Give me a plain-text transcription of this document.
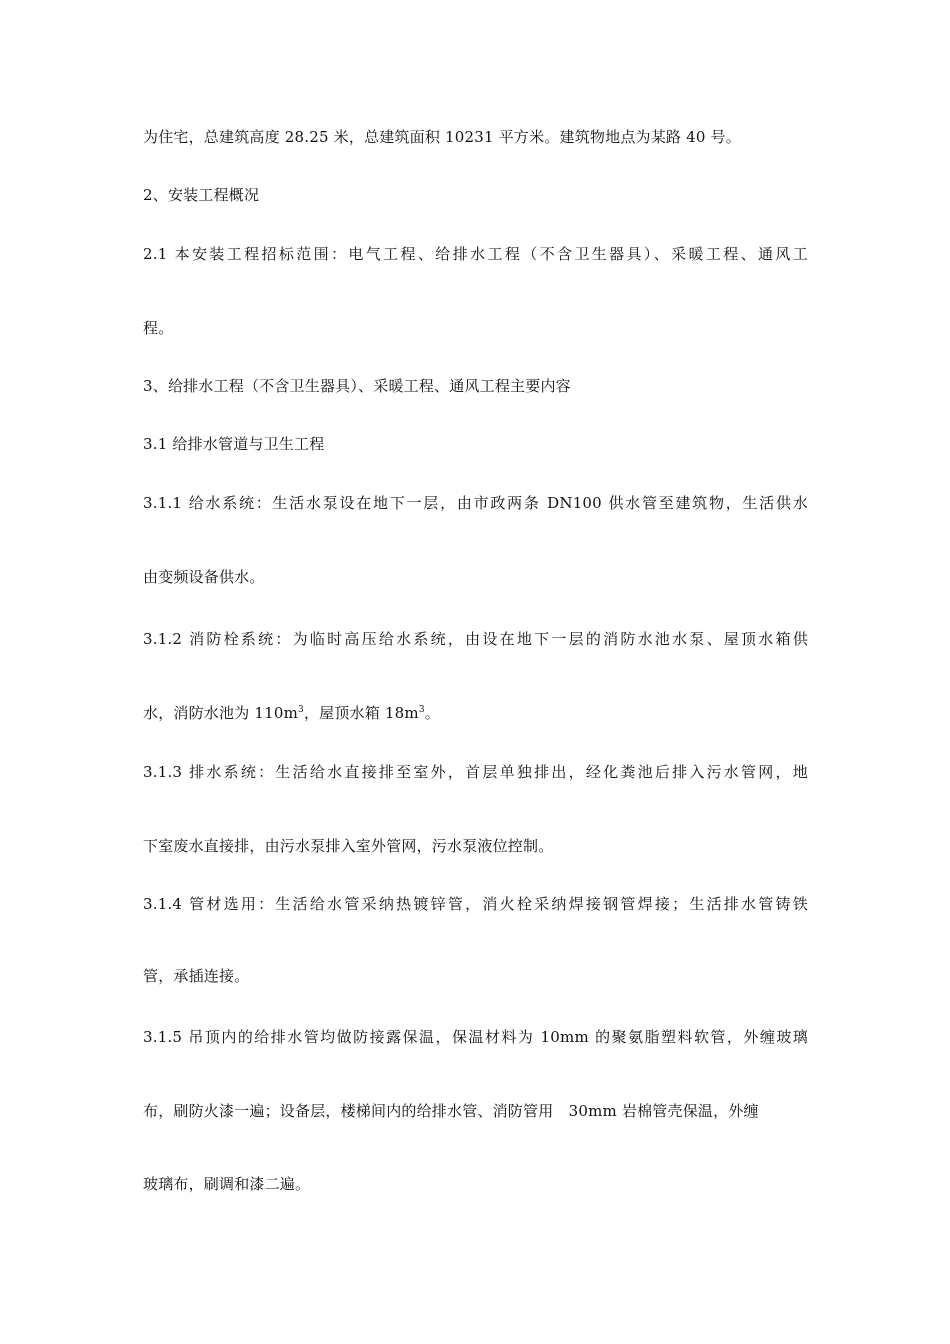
为住宅，总建筑高度 28.25 米，总建筑面积 10231 平方米。建筑物地点为某路 40 号。
2、安装工程概况
2.1 本安装工程招标范围：电气工程、给排水工程（不含卫生器具）、采暖工程、通风工
程。
3、给排水工程（不含卫生器具）、采暖工程、通风工程主要内容
3.1 给排水管道与卫生工程
3.1.1 给水系统：生活水泵设在地下一层，由市政两条 DN100 供水管至建筑物，生活供水
由变频设备供水。
3.1.2 消防栓系统：为临时高压给水系统，由设在地下一层的消防水池水泵、屋顶水箱供
水，消防水池为 $110m^3$，屋顶水箱 $18m^3$。
3.1.3 排水系统：生活给水直接排至室外，首层单独排出，经化粪池后排入污水管网，地
下室废水直接排，由污水泵排入室外管网，污水泵液位控制。
3.1.4 管材选用：生活给水管采纳热镀锌管，消火栓采纳焊接钢管焊接；生活排水管铸铁
管，承插连接。
3.1.5 吊顶内的给排水管均做防接露保温，保温材料为 10mm 的聚氨脂塑料软管，外缠玻璃
布，刷防火漆一遍；设备层，楼梯间内的给排水管、消防管用　30mm 岩棉管壳保温，外缠
玻璃布，刷调和漆二遍。
